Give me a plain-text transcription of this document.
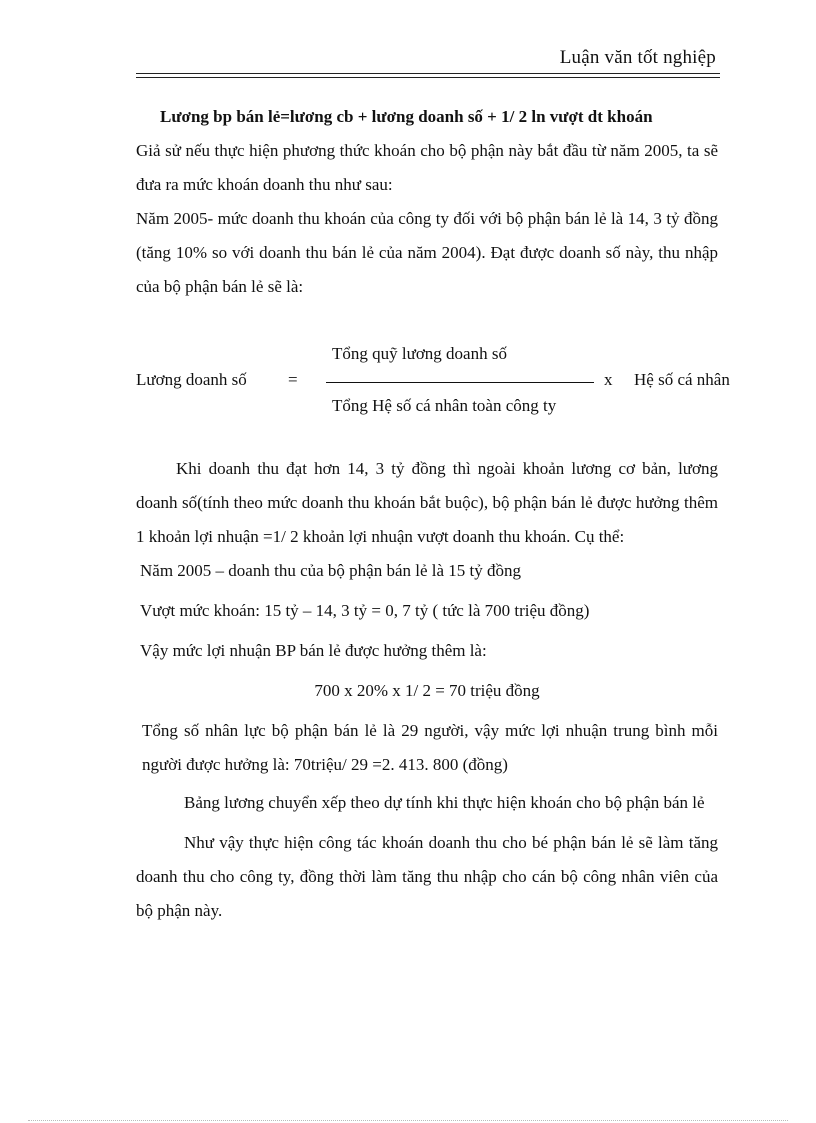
Luận văn tốt nghiệp

Lương bp bán lẻ=lương cb + lương doanh số + 1/ 2 ln vượt dt khoán

Giả sử nếu thực hiện phương thức khoán cho bộ phận này bắt đầu từ năm 2005, ta sẽ đưa ra mức khoán doanh thu như sau:

Năm 2005- mức doanh thu khoán của công ty đối với bộ phận bán lẻ là 14, 3 tỷ đồng (tăng 10% so với doanh thu bán lẻ của năm 2004). Đạt được doanh số này, thu nhập của bộ phận bán lẻ sẽ là:

Lương doanh số =
Tổng quỹ lương doanh số
Tổng Hệ số cá nhân toàn công ty
x Hệ số cá nhân

Khi doanh thu đạt hơn 14, 3 tỷ đồng thì ngoài khoản lương cơ bản, lương doanh số(tính theo mức doanh thu khoán bắt buộc), bộ phận bán lẻ được hưởng thêm 1 khoản lợi nhuận =1/ 2 khoản lợi nhuận vượt doanh thu khoán. Cụ thể:

Năm 2005 – doanh thu của bộ phận bán lẻ là 15 tỷ đồng

Vượt mức khoán: 15 tỷ – 14, 3 tỷ = 0, 7 tỷ ( tức là 700 triệu đồng)

Vậy mức lợi nhuận BP bán lẻ được hưởng thêm là:

700 x 20% x 1/ 2 = 70 triệu đồng

Tổng số nhân lực bộ phận bán lẻ là 29 người, vậy mức lợi nhuận trung bình mỗi người được hưởng là: 70triệu/ 29 =2. 413. 800 (đồng)

Bảng lương chuyển xếp theo dự tính khi thực hiện khoán cho bộ phận bán lẻ

Như vậy thực hiện công tác khoán doanh thu cho bé phận bán lẻ sẽ làm tăng doanh thu cho công ty, đồng thời làm tăng thu nhập cho cán bộ công nhân viên của bộ phận này.
